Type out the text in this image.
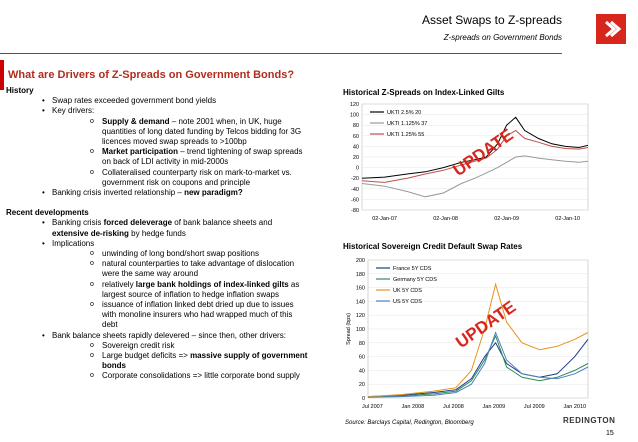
Asset Swaps to Z-spreads
Z-spreads on Government Bonds
What are Drivers of Z-Spreads on Government Bonds?
History
• Swap rates exceeded government bond yields
• Key drivers:
o Supply & demand – note 2001 when, in UK, huge
quantities of long dated funding by Telcos bidding for 3G
licences moved swap spreads to >100bp
o Market participation – trend tightening of swap spreads
on back of LDI activity in mid-2000s
o Collateralised counterparty risk on mark-to-market vs.
government risk on coupons and principle
• Banking crisis inverted relationship – new paradigm?
Recent developments
• Banking crisis forced deleverage of bank balance sheets and
extensive de-risking by hedge funds
• Implications
o unwinding of long bond/short swap positions
o natural counterparties to take advantage of dislocation
were the same way around
o relatively large bank holdings of index-linked gilts as
largest source of inflation to hedge inflation swaps
o issuance of inflation linked debt dried up due to issues
with monoline insurers who had wrapped much of this
debt
• Bank balance sheets rapidly delevered – since then, other drivers:
o Sovereign credit risk
o Large budget deficits => massive supply of government
bonds
o Corporate consolidations => little corporate bond supply
Historical Z-Spreads on Index-Linked Gilts
120
100
80
60
40
20
0
-20
-40
-60
-80
02-Jan-07	02-Jan-08	02-Jan-09	02-Jan-10
UKTI 2.5% 20
UKTI 1.125% 37
UKTI 1.25% 55 UPDATE
Historical Sovereign Credit Default Swap Rates
200
180
160
140
120
100
80
60
40
20
0
Jul 2007	Jan 2008	Jul 2008	Jan 2009	Jul 2009	Jan 2010
France 5Y CDS
Germany 5Y CDS
UK 5Y CDS
US 5Y CDS
Spread (bps)	UPDATE
Source: Barclays Capital, Redington, Bloomberg	REDINGTON
15
